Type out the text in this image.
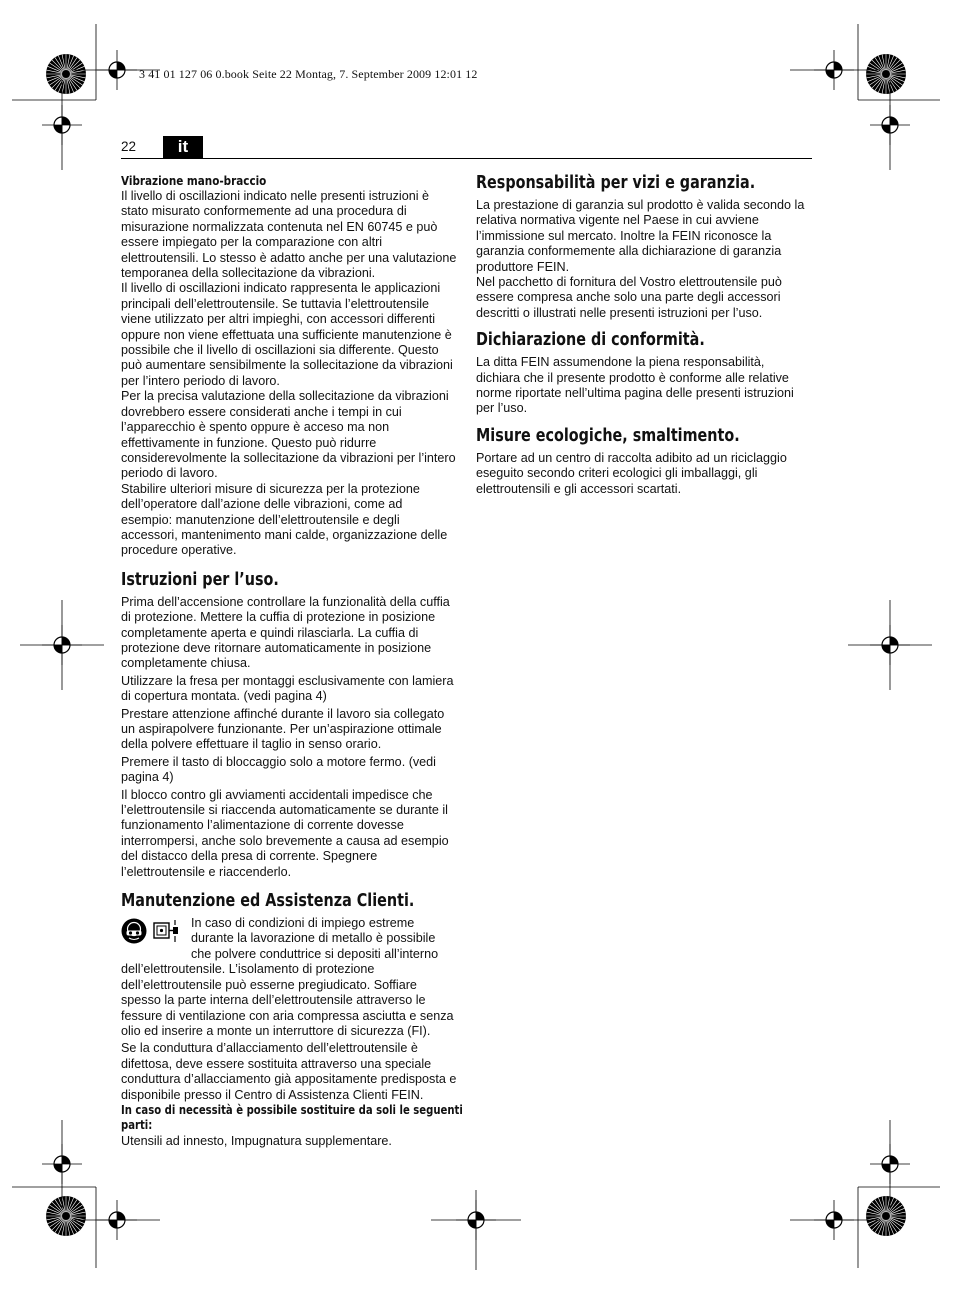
3 41 01 127 06 0.book Seite 22 Montag, 7. September 2009 12:01 12
22	it
Vibrazione mano-braccio

Il livello di oscillazioni indicato nelle presenti istruzioni è stato misurato conformemente ad una procedura di misurazione normalizzata contenuta nel EN 60745 e può essere impiegato per la comparazione con altri elettroutensili. Lo stesso è adatto anche per una valutazione temporanea della sollecitazione da vibrazioni.

Il livello di oscillazioni indicato rappresenta le applicazioni principali dell’elettroutensile. Se tuttavia l’elettroutensile viene utilizzato per altri impieghi, con accessori differenti oppure non viene effettuata una sufficiente manutenzione è possibile che il livello di oscillazioni sia differente. Questo può aumentare sensibilmente la sollecitazione da vibrazioni per l’intero periodo di lavoro.

Per la precisa valutazione della sollecitazione da vibrazioni dovrebbero essere considerati anche i tempi in cui l’apparecchio è spento oppure è acceso ma non effettivamente in funzione. Questo può ridurre considerevolmente la sollecitazione da vibrazioni per l’intero periodo di lavoro.

Stabilire ulteriori misure di sicurezza per la protezione dell’operatore dall’azione delle vibrazioni, come ad esempio: manutenzione dell’elettroutensile e degli accessori, mantenimento mani calde, organizzazione delle procedure operative.

Istruzioni per l’uso.

Prima dell’accensione controllare la funzionalità della cuffia di protezione. Mettere la cuffia di protezione in posizione completamente aperta e quindi rilasciarla. La cuffia di protezione deve ritornare automaticamente in posizione completamente chiusa.

Utilizzare la fresa per montaggi esclusivamente con lamiera di copertura montata. (vedi pagina 4)

Prestare attenzione affinché durante il lavoro sia collegato un aspirapolvere funzionante. Per un’aspirazione ottimale della polvere effettuare il taglio in senso orario.

Premere il tasto di bloccaggio solo a motore fermo. (vedi pagina 4)

Il blocco contro gli avviamenti accidentali impedisce che l’elettroutensile si riaccenda automaticamente se durante il funzionamento l’alimentazione di corrente dovesse interrompersi, anche solo brevemente a causa ad esempio del distacco della presa di corrente. Spegnere l’elettroutensile e riaccenderlo.

Manutenzione ed Assistenza Clienti.

In caso di condizioni di impiego estreme durante la lavorazione di metallo è possibile che polvere conduttrice si depositi all’interno dell’elettroutensile. L’isolamento di protezione dell’elettroutensile può esserne pregiudicato. Soffiare spesso la parte interna dell’elettroutensile attraverso le fessure di ventilazione con aria compressa asciutta e senza olio ed inserire a monte un interruttore di sicurezza (FI).

Se la conduttura d’allacciamento dell’elettroutensile è difettosa, deve essere sostituita attraverso una speciale conduttura d’allacciamento già appositamente predisposta e disponibile presso il Centro di Assistenza Clienti FEIN.

In caso di necessità è possibile sostituire da soli le seguenti
parti:

Utensili ad innesto, Impugnatura supplementare.

Responsabilità per vizi e garanzia.

La prestazione di garanzia sul prodotto è valida secondo la relativa normativa vigente nel Paese in cui avviene l’immissione sul mercato. Inoltre la FEIN riconosce la garanzia conformemente alla dichiarazione di garanzia produttore FEIN.

Nel pacchetto di fornitura del Vostro elettroutensile può essere compresa anche solo una parte degli accessori descritti o illustrati nelle presenti istruzioni per l’uso.

Dichiarazione di conformità.

La ditta FEIN assumendone la piena responsabilità, dichiara che il presente prodotto è conforme alle relative norme riportate nell’ultima pagina delle presenti istruzioni per l’uso.

Misure ecologiche, smaltimento.

Portare ad un centro di raccolta adibito ad un riciclaggio eseguito secondo criteri ecologici gli imballaggi, gli elettroutensili e gli accessori scartati.
